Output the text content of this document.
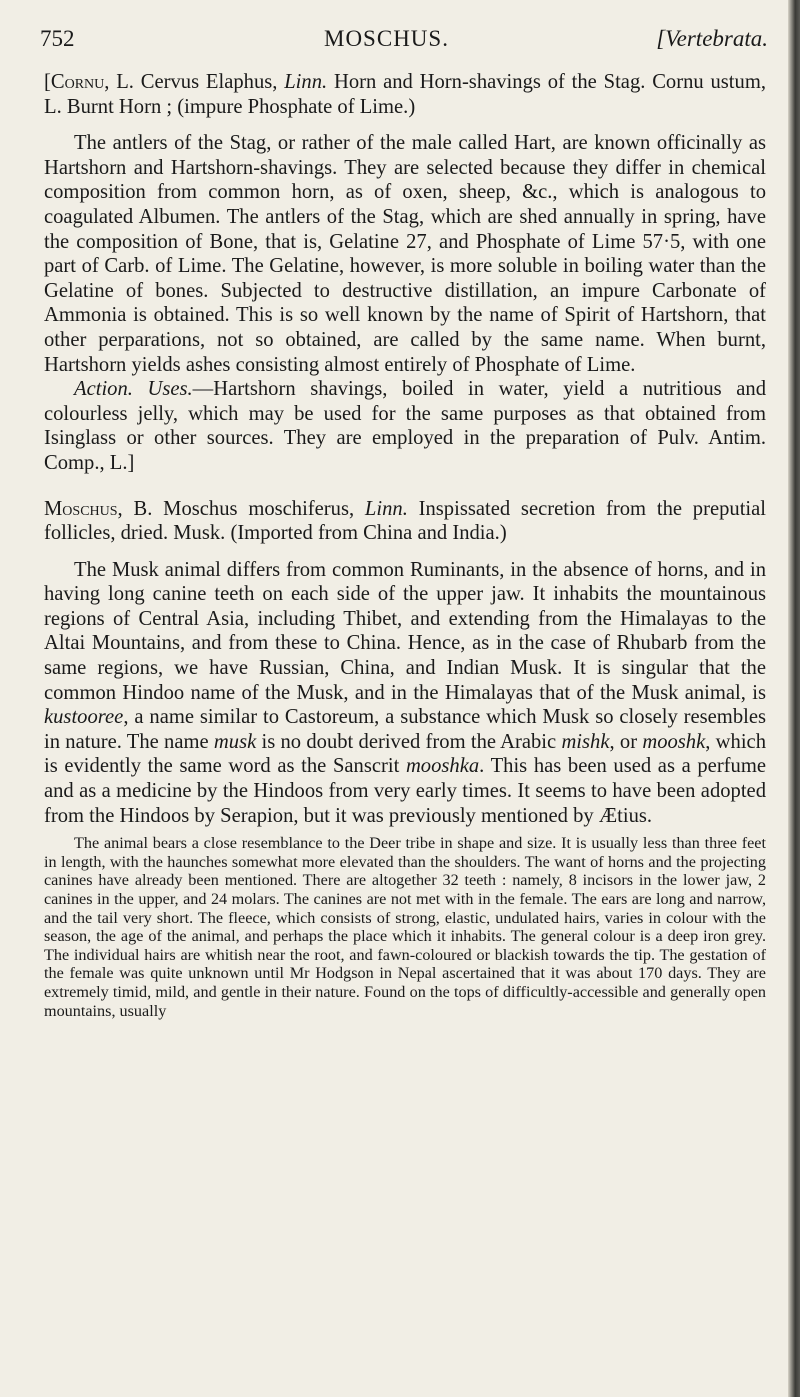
752	MOSCHUS.	[Vertebrata.

[Cornu, L. Cervus Elaphus, Linn. Horn and Horn-shavings of the Stag. Cornu ustum, L. Burnt Horn ; (impure Phosphate of Lime.)

The antlers of the Stag, or rather of the male called Hart, are known officinally as Hartshorn and Hartshorn-shavings. They are selected because they differ in chemical composition from common horn, as of oxen, sheep, &c., which is analogous to coagulated Albumen. The antlers of the Stag, which are shed annually in spring, have the composition of Bone, that is, Gelatine 27, and Phosphate of Lime 57·5, with one part of Carb. of Lime. The Gelatine, however, is more soluble in boiling water than the Gelatine of bones. Subjected to destructive distillation, an impure Carbonate of Ammonia is obtained. This is so well known by the name of Spirit of Hartshorn, that other perparations, not so obtained, are called by the same name. When burnt, Hartshorn yields ashes consisting almost entirely of Phosphate of Lime.

Action. Uses.—Hartshorn shavings, boiled in water, yield a nutritious and colourless jelly, which may be used for the same purposes as that obtained from Isinglass or other sources. They are employed in the preparation of Pulv. Antim. Comp., L.]

Moschus, B. Moschus moschiferus, Linn. Inspissated secretion from the preputial follicles, dried. Musk. (Imported from China and India.)

The Musk animal differs from common Ruminants, in the absence of horns, and in having long canine teeth on each side of the upper jaw. It inhabits the mountainous regions of Central Asia, including Thibet, and extending from the Himalayas to the Altai Mountains, and from these to China. Hence, as in the case of Rhubarb from the same regions, we have Russian, China, and Indian Musk. It is singular that the common Hindoo name of the Musk, and in the Himalayas that of the Musk animal, is kustooree, a name similar to Castoreum, a substance which Musk so closely resembles in nature. The name musk is no doubt derived from the Arabic mishk, or mooshk, which is evidently the same word as the Sanscrit mooshka. This has been used as a perfume and as a medicine by the Hindoos from very early times. It seems to have been adopted from the Hindoos by Serapion, but it was previously mentioned by Ætius.

The animal bears a close resemblance to the Deer tribe in shape and size. It is usually less than three feet in length, with the haunches somewhat more elevated than the shoulders. The want of horns and the projecting canines have already been mentioned. There are altogether 32 teeth : namely, 8 incisors in the lower jaw, 2 canines in the upper, and 24 molars. The canines are not met with in the female. The ears are long and narrow, and the tail very short. The fleece, which consists of strong, elastic, undulated hairs, varies in colour with the season, the age of the animal, and perhaps the place which it inhabits. The general colour is a deep iron grey. The individual hairs are whitish near the root, and fawn-coloured or blackish towards the tip. The gestation of the female was quite unknown until Mr Hodgson in Nepal ascertained that it was about 170 days. They are extremely timid, mild, and gentle in their nature. Found on the tops of difficultly-accessible and generally open mountains, usually
